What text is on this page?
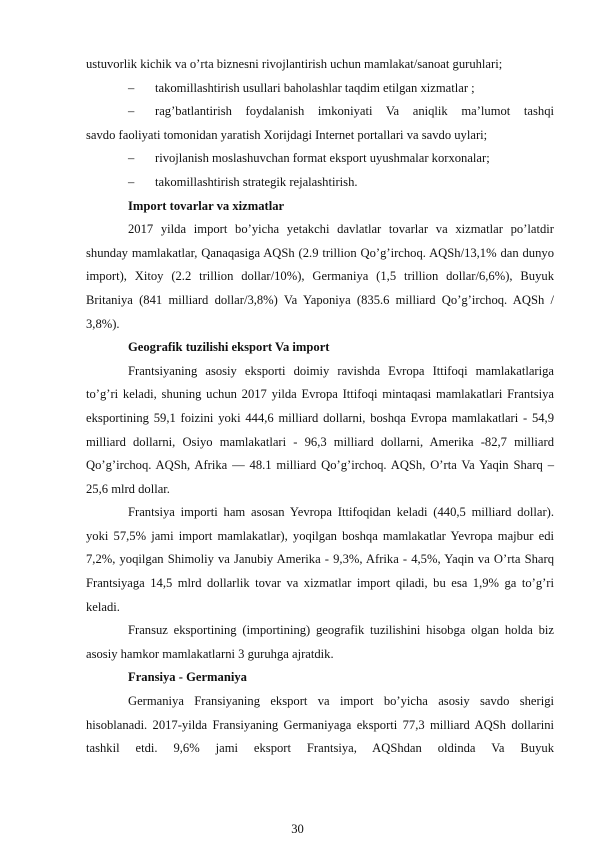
ustuvorlik kichik va o’rta biznesni rivojlantirish uchun mamlakat/sanoat guruhlari;

–	takomillashtirish usullari baholashlar taqdim etilgan xizmatlar ;
–	rag’batlantirish foydalanish imkoniyati Va aniqlik ma’lumot tashqi

savdo faoliyati tomonidan yaratish Xorijdagi Internet portallari va savdo uylari;

–	rivojlanish moslashuvchan format eksport uyushmalar korxonalar;
–	takomillashtirish strategik rejalashtirish.

Import tovarlar va xizmatlar

2017 yilda import bo’yicha yetakchi davlatlar tovarlar va xizmatlar po’latdir shunday mamlakatlar, Qanaqasiga AQSh (2.9 trillion Qo’g’irchoq. AQSh/13,1% dan dunyo import), Xitoy (2.2 trillion dollar/10%), Germaniya (1,5 trillion dollar/6,6%), Buyuk Britaniya (841 milliard dollar/3,8%) Va Yaponiya (835.6 milliard Qo’g’irchoq. AQSh / 3,8%).

Geografik tuzilishi eksport Va import

Frantsiyaning asosiy eksporti doimiy ravishda Evropa Ittifoqi mamlakatlariga to’g’ri keladi, shuning uchun 2017 yilda Evropa Ittifoqi mintaqasi mamlakatlari Frantsiya eksportining 59,1 foizini yoki 444,6 milliard dollarni, boshqa Evropa mamlakatlari - 54,9 milliard dollarni, Osiyo mamlakatlari - 96,3 milliard dollarni, Amerika -82,7 milliard Qo’g’irchoq. AQSh, Afrika — 48.1 milliard Qo’g’irchoq. AQSh, O’rta Va Yaqin Sharq – 25,6 mlrd dollar.

Frantsiya importi ham asosan Yevropa Ittifoqidan keladi (440,5 milliard dollar). yoki 57,5% jami import mamlakatlar), yoqilgan boshqa mamlakatlar Yevropa majbur edi 7,2%, yoqilgan Shimoliy va Janubiy Amerika - 9,3%, Afrika - 4,5%, Yaqin va O’rta Sharq Frantsiyaga 14,5 mlrd dollarlik tovar va xizmatlar import qiladi, bu esa 1,9% ga to’g’ri keladi.

Fransuz eksportining (importining) geografik tuzilishini hisobga olgan holda biz asosiy hamkor mamlakatlarni 3 guruhga ajratdik.

Fransiya - Germaniya

Germaniya Fransiyaning eksport va import bo’yicha asosiy savdo sherigi hisoblanadi. 2017-yilda Fransiyaning Germaniyaga eksporti 77,3 milliard AQSh dollarini tashkil etdi. 9,6% jami eksport Frantsiya, AQShdan oldinda Va Buyuk

30
